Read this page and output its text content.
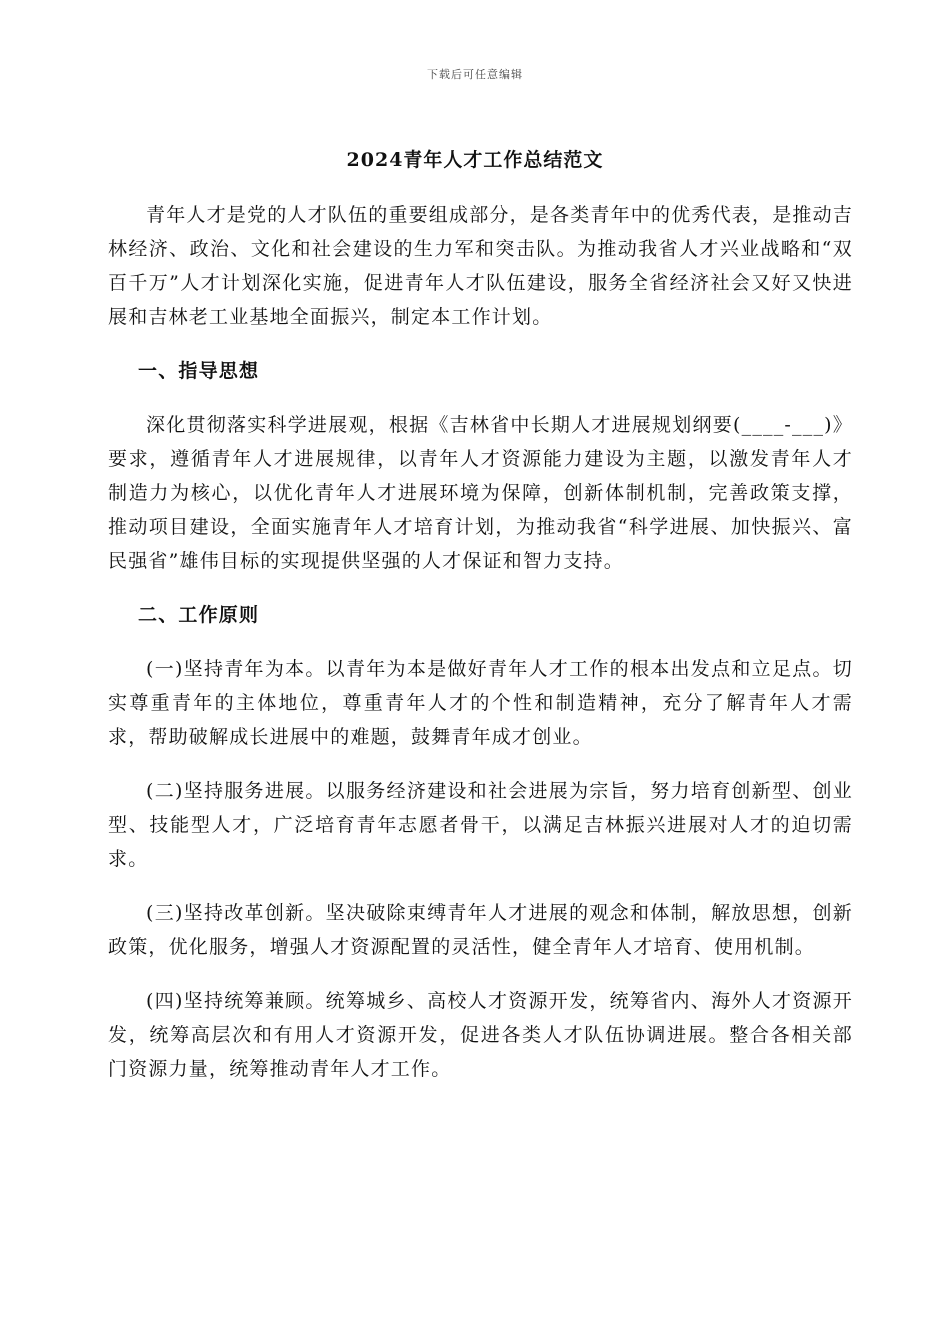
下载后可任意编辑
2024青年人才工作总结范文

青年人才是党的人才队伍的重要组成部分，是各类青年中的优秀代表，是推动吉林经济、政治、文化和社会建设的生力军和突击队。为推动我省人才兴业战略和“双百千万”人才计划深化实施，促进青年人才队伍建设，服务全省经济社会又好又快进展和吉林老工业基地全面振兴，制定本工作计划。

一、指导思想

深化贯彻落实科学进展观，根据《吉林省中长期人才进展规划纲要(____-___)》要求，遵循青年人才进展规律，以青年人才资源能力建设为主题，以激发青年人才制造力为核心，以优化青年人才进展环境为保障，创新体制机制，完善政策支撑，推动项目建设，全面实施青年人才培育计划，为推动我省“科学进展、加快振兴、富民强省”雄伟目标的实现提供坚强的人才保证和智力支持。

二、工作原则

(一)坚持青年为本。以青年为本是做好青年人才工作的根本出发点和立足点。切实尊重青年的主体地位，尊重青年人才的个性和制造精神，充分了解青年人才需求，帮助破解成长进展中的难题，鼓舞青年成才创业。

(二)坚持服务进展。以服务经济建设和社会进展为宗旨，努力培育创新型、创业型、技能型人才，广泛培育青年志愿者骨干，以满足吉林振兴进展对人才的迫切需求。

(三)坚持改革创新。坚决破除束缚青年人才进展的观念和体制，解放思想，创新政策，优化服务，增强人才资源配置的灵活性，健全青年人才培育、使用机制。

(四)坚持统筹兼顾。统筹城乡、高校人才资源开发，统筹省内、海外人才资源开发，统筹高层次和有用人才资源开发，促进各类人才队伍协调进展。整合各相关部门资源力量，统筹推动青年人才工作。
